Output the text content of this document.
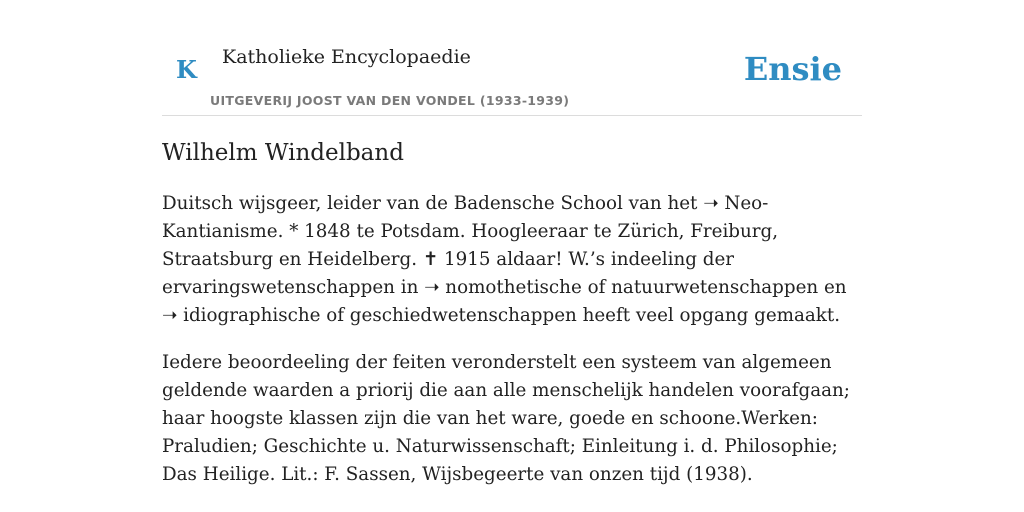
K Katholieke Encyclopaedie
UITGEVERIJ JOOST VAN DEN VONDEL (1933-1939)
Ensie
Wilhelm Windelband

Duitsch wijsgeer, leider van de Badensche School van het ➝ Neo-Kantianisme. * 1848 te Potsdam. Hoogleeraar te Zürich, Freiburg, Straatsburg en Heidelberg. ✝ 1915 aldaar! W.’s indeeling der ervaringswetenschappen in ➝ nomothetische of natuurwetenschappen en ➝ idiographische of geschiedwetenschappen heeft veel opgang gemaakt.

Iedere beoordeeling der feiten veronderstelt een systeem van algemeen geldende waarden a priorij die aan alle menschelijk handelen voorafgaan; haar hoogste klassen zijn die van het ware, goede en schoone.Werken: Praludien; Geschichte u. Naturwissenschaft; Einleitung i. d. Philosophie; Das Heilige. Lit.: F. Sassen, Wijsbegeerte van onzen tijd (1938).
